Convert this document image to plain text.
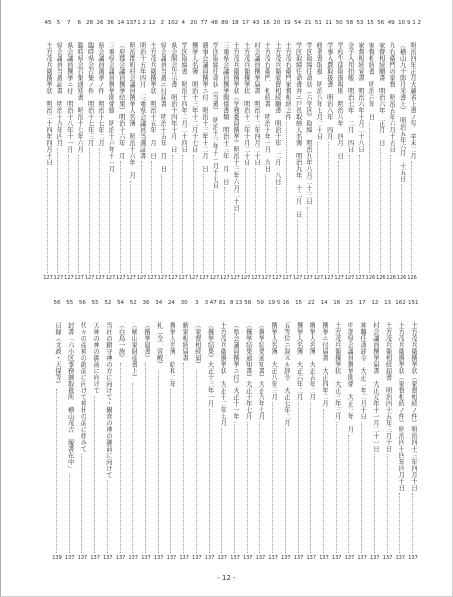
9 1 2
明治四年正月大蔵省上書ノ写　辛未二月
126
10
（横山九十郎月米書上）　明治五年六月　十五日
126
49
九右衛門の家督　明治五年六月十五日
126
56
家督相続願書　明治六年　正月　日
126
15
家督相続書　明治六年　日
126
53
家督相続覚書　明治六年十月二十八日
127
58
金子入用扣帳　明治七年　二月　四日
127
50
学校生徒取扱規則　明治八年　四月　日
127
11
学事入費取扱書　明治八年　四月
127
51
修業書取扱　明治八年七月二十日
127
21
学区取締任命状（六学区）取締　明治九年八月二十三日
127
54
学区取締任命書并ニ戸長取締人名簿　明治九年　十二月　日
127
19
土方茂右衛門家督相続之件
127
20
土方茂兵衛家督相続願書　明治十年　二月　八日
127
16
土方茂右衛門　相続書　明治十年一月　九日
127
43
村会議員撰挙届書　明治十二年四月二十日
127
17
土方茂兵衛撰挙状　明治十二年十月二十日
127
18
土方茂兵衛撰挙状（学務委員撰挙）明治十三年六月二十日
127
89
三重県会議員撰挙関係書類　明治十三年　月　日
127
48
学区取締任命状（当選）　明治十三年十一月十七日
127
77
農事会議員撰挙ニ付　明治十三年十二月　日
127
20
撰挙人名簿　明治十三年十二月十七日
127
4
学区取締書　明治十四年二月二十四日
127
102
県会開会告示書　明治十四年十月　日
127
2
県会議員当選ニ付届書　明治十五年　月　日
127
12
土方茂兵衛撰挙状　明治十五年　月　日
127
1 2
明治十五年四月　三重県会議員当選証書
127
137
明治郡町村会議員撰挙人名簿　明治十六年　月
127
14
（府郡会議員撰挙結果）明治十六年　月
127
36
三重県会議員撰挙関係綴　明治十六年十一月
127
26
県会議員選挙ノ件　明治十七年二月
127
28
臨時県会召集ノ件　明治十七年三月
127
6
臨時県会召集通知書　明治十七年六月
127
7
県会議員撰挙ニ付　明治十八年十一月
127
5
県会議員当選証書　明治十九年四月
127
45
土方茂兵衛撰挙状　明治二十四年四月十日
127
151
土方茂兵衛撰挙状（家督相続ノ件）明治四十三年四月十日
137
162
土方茂兵衛撰挙状（家督相続ノ件）明治四十四年四月十日
137
13
土方茂兵衛相続届書　明治四十五年三月十日
137
12
村会議員撰挙届書　大正元年十一月二十一日
137
17
神職任命辞令　大正二年二月十日
137
23
中部県会議員撰挙関係　大正三年　月
137
16
土方茂兵衛撰挙状　大正三年三月
137
14
撰挙ニ付届書　大正四年二月
137
22
撰挙人名簿　大正五年二月
137
15
撰挙人名簿　大正六年二月
137
16
五等位ニ叙スル辞令　大正七年二月
137
19 5
撰挙人名簿　大正八年三月
137
59
（撰挙結果通知書）大正九年七月
137
58
（撰挙結果通知書）大正十年七月
137
8 13
（県会議員撰挙ニ付）大正十一年
137
81
土方茂兵衛撰挙状　大正十二年七月
137
3 47
（撰挙結果）大正十三年一月
137
3
（家督相続届）
137
30
新家相続届書
137
24
撰挙人名簿　昭和二年
137
34
札（全　宮殿）
137
36
（撰挙届書）
137
52
（横山家財産書上）
137
54
（白鳥一族）
137
52
当社の鎮守神の方に向けて・観音の神の御前に向けて
137
55
天神の神の御前に向けて
137
56
代々の産神の御前に向けて神社の前に拝みて
137
55
封書「六小区事務御取扱所　横山茂吉　履書在中」
137
56
日録（文政・天保等）
139
- 12 -
